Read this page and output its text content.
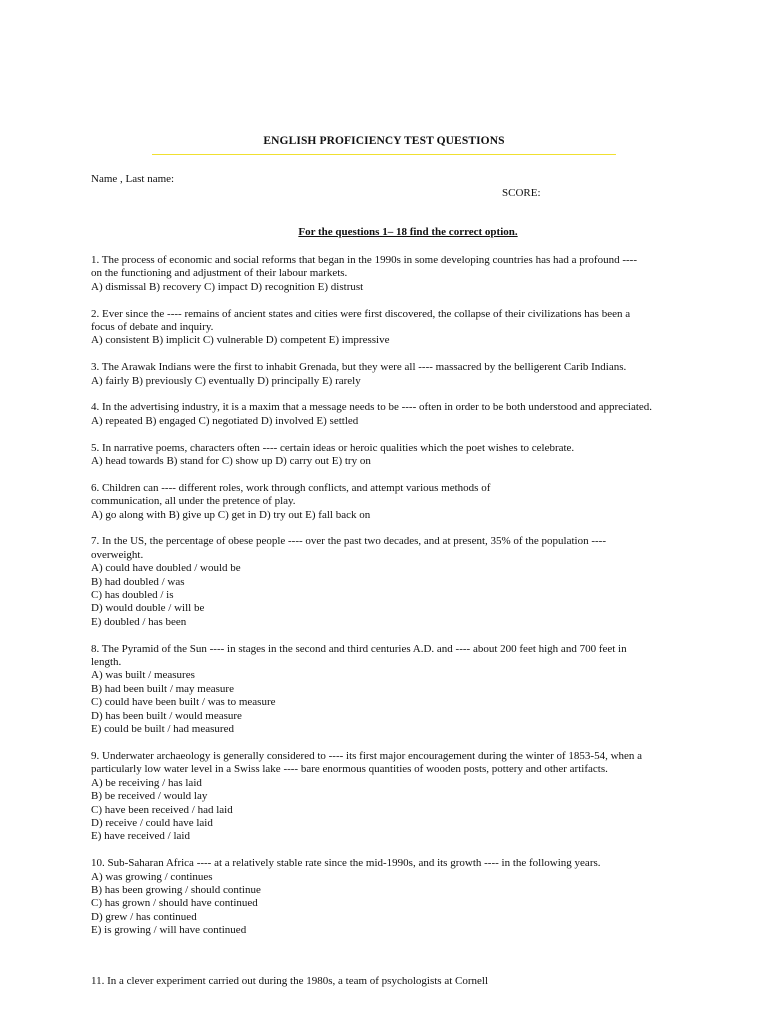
ENGLISH PROFICIENCY TEST QUESTIONS
Name , Last name:
SCORE:
For the questions 1– 18 find the correct option.
1. The process of economic and social reforms that began in the 1990s in some developing countries has had a profound ----
on the functioning and adjustment of their labour markets.
A) dismissal B) recovery C) impact D) recognition E) distrust
2. Ever since the ---- remains of ancient states and cities were first discovered, the collapse of their civilizations has been a
focus of debate and inquiry.
A) consistent B) implicit C) vulnerable D) competent E) impressive
3. The Arawak Indians were the first to inhabit Grenada, but they were all ---- massacred by the belligerent Carib Indians.
A) fairly B) previously C) eventually D) principally E) rarely
4. In the advertising industry, it is a maxim that a message needs to be ---- often in order to be both understood and appreciated.
A) repeated B) engaged C) negotiated D) involved E) settled
5. In narrative poems, characters often ---- certain ideas or heroic qualities which the poet wishes to celebrate.
A) head towards B) stand for C) show up D) carry out E) try on
6. Children can ---- different roles, work through conflicts, and attempt various methods of
communication, all under the pretence of play.
A) go along with B) give up C) get in D) try out E) fall back on
7. In the US, the percentage of obese people ---- over the past two decades, and at present, 35% of the population ----
overweight.
A) could have doubled / would be
B) had doubled / was
C) has doubled / is
D) would double / will be
E) doubled / has been
8. The Pyramid of the Sun ---- in stages in the second and third centuries A.D. and ---- about 200 feet high and 700 feet in
length.
A) was built / measures
B) had been built / may measure
C) could have been built / was to measure
D) has been built / would measure
E) could be built / had measured
9. Underwater archaeology is generally considered to ---- its first major encouragement during the winter of 1853-54, when a
particularly low water level in a Swiss lake ---- bare enormous quantities of wooden posts, pottery and other artifacts.
A) be receiving / has laid
B) be received / would lay
C) have been received / had laid
D) receive / could have laid
E) have received / laid
10. Sub-Saharan Africa ---- at a relatively stable rate since the mid-1990s, and its growth ---- in the following years.
A) was growing / continues
B) has been growing / should continue
C) has grown / should have continued
D) grew / has continued
E) is growing / will have continued
11. In a clever experiment carried out during the 1980s, a team of psychologists at Cornell
